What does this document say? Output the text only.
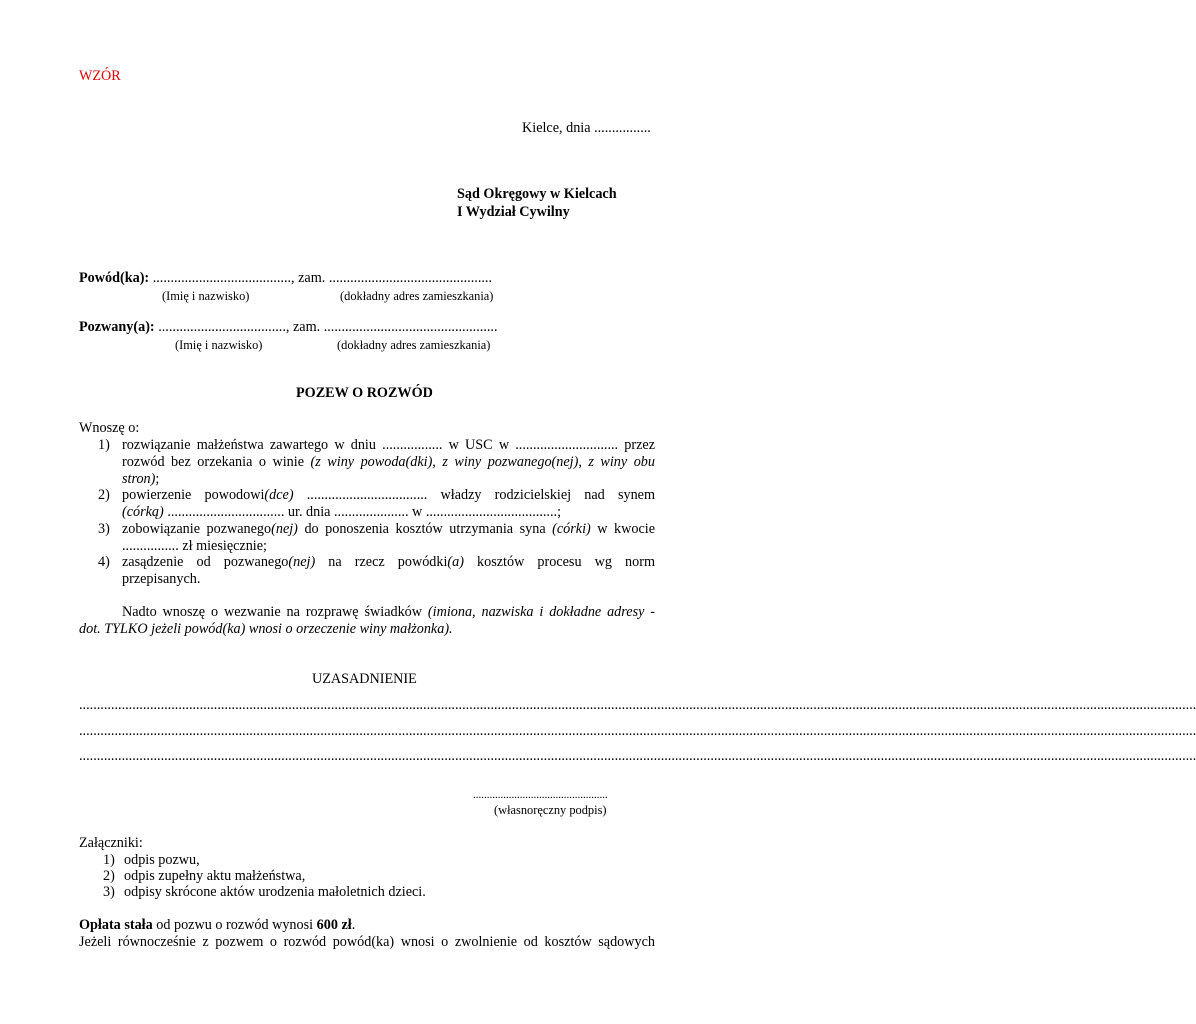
WZÓR
Kielce, dnia ................
Sąd Okręgowy w Kielcach
I Wydział Cywilny
Powód(ka): ......................................., zam. ..............................................
(Imię i nazwisko)	(dokładny adres zamieszkania)
Pozwany(a): ...................................., zam. .................................................
(Imię i nazwisko)	(dokładny adres zamieszkania)
POZEW O ROZWÓD
Wnoszę o:
1) rozwiązanie małżeństwa zawartego w dniu ................. w USC w ............................. przez
rozwód bez orzekania o winie (z winy powoda(dki), z winy pozwanego(nej), z winy obu
stron);
2) powierzenie powodowi(dce) .................................. władzy rodzicielskiej nad synem
(córką) ................................. ur. dnia ..................... w .....................................;
3) zobowiązanie pozwanego(nej) do ponoszenia kosztów utrzymania syna (córki) w kwocie
................ zł miesięcznie;
4) zasądzenie od pozwanego(nej) na rzecz powódki(a) kosztów procesu wg norm
przepisanych.
Nadto wnoszę o wezwanie na rozprawę świadków (imiona, nazwiska i dokładne adresy -
dot. TYLKO jeżeli powód(ka) wnosi o orzeczenie winy małżonka).
UZASADNIENIE
...........................................................................................................................................................................................................................................................................................................................
...........................................................................................................................................................................................................................................................................................................................
...........................................................................................................................................................................................................................................................................................................................
.................................................
(własnoręczny podpis)
Załączniki:
1) odpis pozwu,
2) odpis zupełny aktu małżeństwa,
3) odpisy skrócone aktów urodzenia małoletnich dzieci.
Opłata stała od pozwu o rozwód wynosi 600 zł.
Jeżeli równocześnie z pozwem o rozwód powód(ka) wnosi o zwolnienie od kosztów sądowych
